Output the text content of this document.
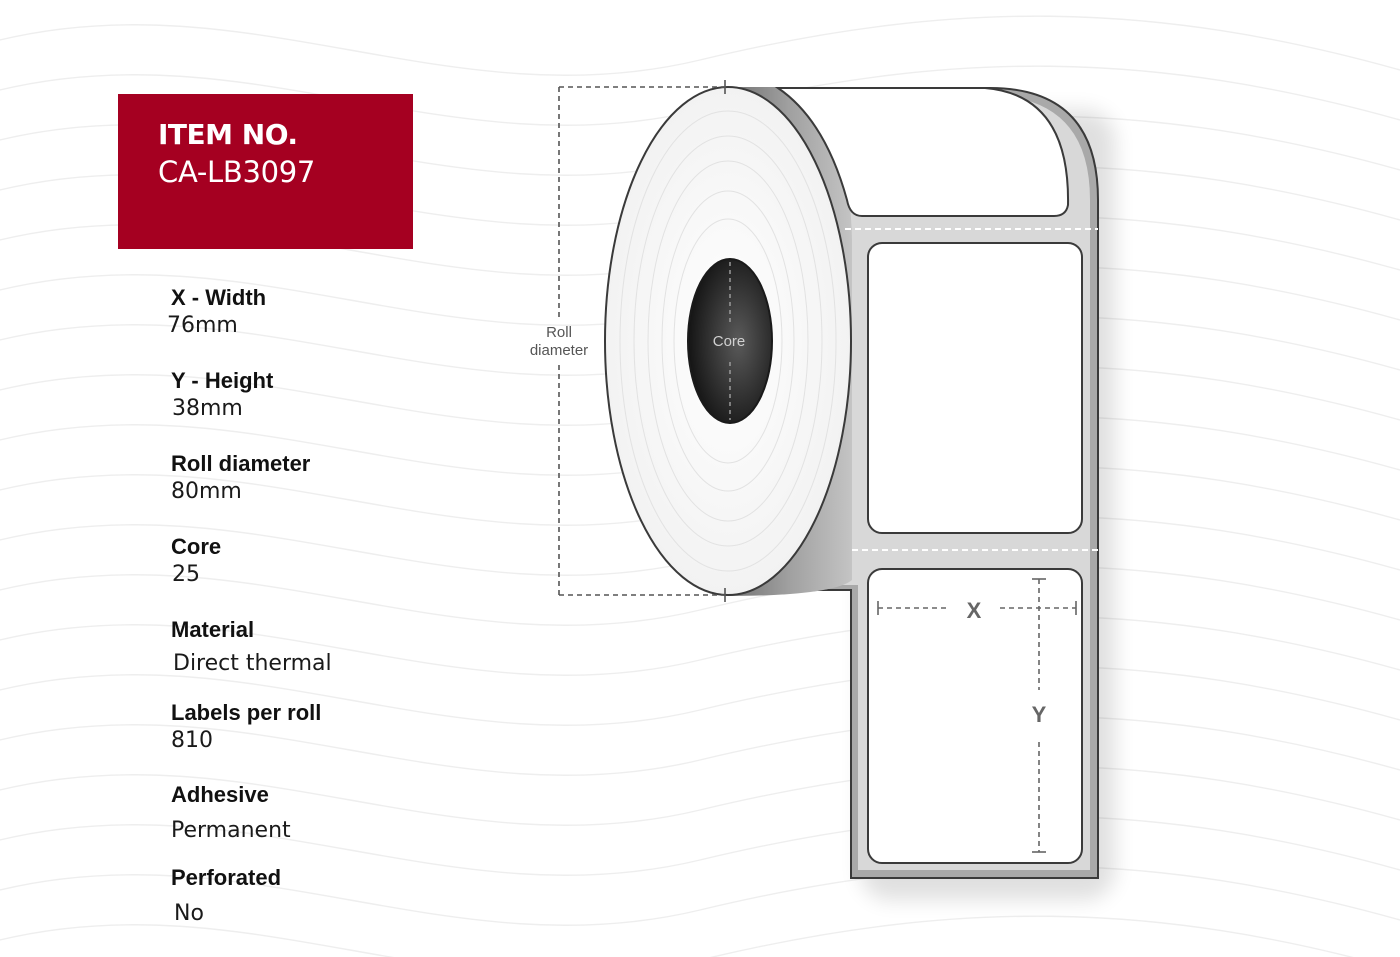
ITEM NO.
CA-LB3097
X - Width
76mm
Y - Height
38mm
Roll diameter
80mm
Core
25
Material
Direct thermal
Labels per roll
810
Adhesive
Permanent
Perforated
No
Core
Roll
diameter
X
Y
